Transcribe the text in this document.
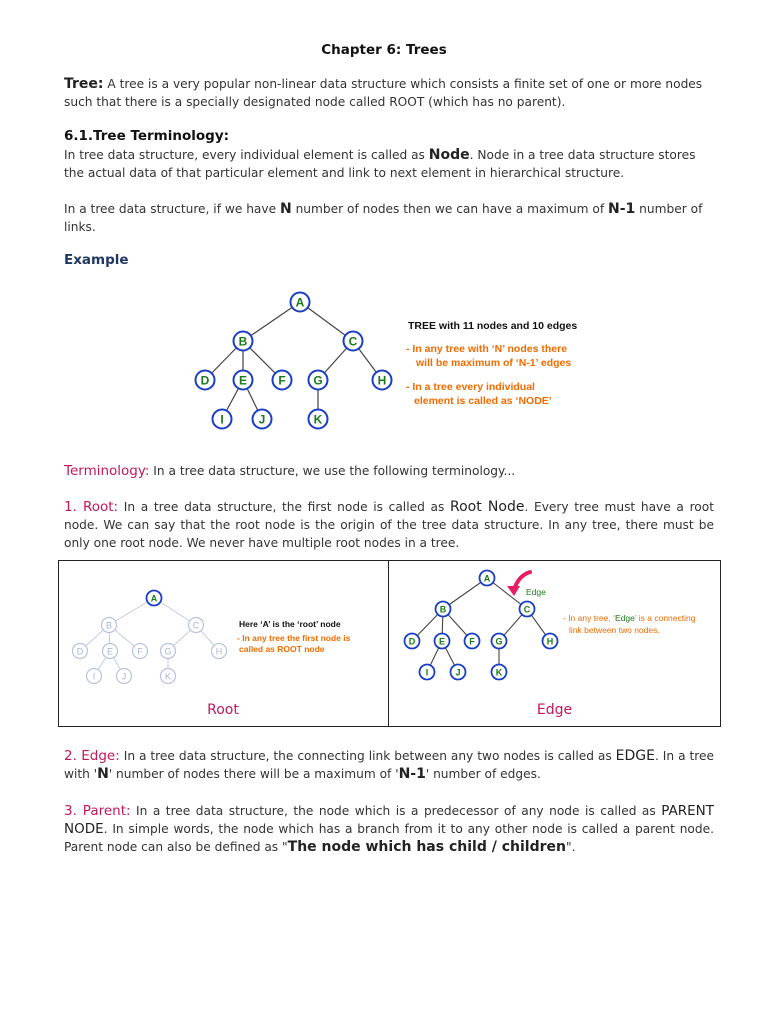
Chapter 6: Trees
Tree: A tree is a very popular non-linear data structure which consists a finite set of one or more nodes such that there is a specially designated node called ROOT (which has no parent).
6.1.Tree Terminology:
In tree data structure, every individual element is called as Node. Node in a tree data structure stores the actual data of that particular element and link to next element in hierarchical structure.
In a tree data structure, if we have N number of nodes then we can have a maximum of N-1 number of links.
Example
A
B	C
D E	F G	H
I	J	K
TREE with 11 nodes and 10 edges
- In any tree with ‘N’ nodes there
will be maximum of ‘N-1’ edges
- In a tree every individual
element is called as ‘NODE’
Terminology: In a tree data structure, we use the following terminology...
1. Root: In a tree data structure, the first node is called as Root Node. Every tree must have a root node. We can say that the root node is the origin of the tree data structure. In any tree, there must be only one root node. We never have multiple root nodes in a tree.
A
B	C
D	E	F G	H
I	J	K
Here ‘A’ is the ‘root’ node
- In any tree the first node is
called as ROOT node
Root
A
B	C
D	E	F G	H
I	J	K
Edge
- In any tree, ‘Edge’ is a connecting
link between two nodes.
Edge
2. Edge: In a tree data structure, the connecting link between any two nodes is called as EDGE. In a tree with 'N' number of nodes there will be a maximum of 'N-1' number of edges.
3. Parent: In a tree data structure, the node which is a predecessor of any node is called as PARENT NODE. In simple words, the node which has a branch from it to any other node is called a parent node. Parent node can also be defined as "The node which has child / children".
